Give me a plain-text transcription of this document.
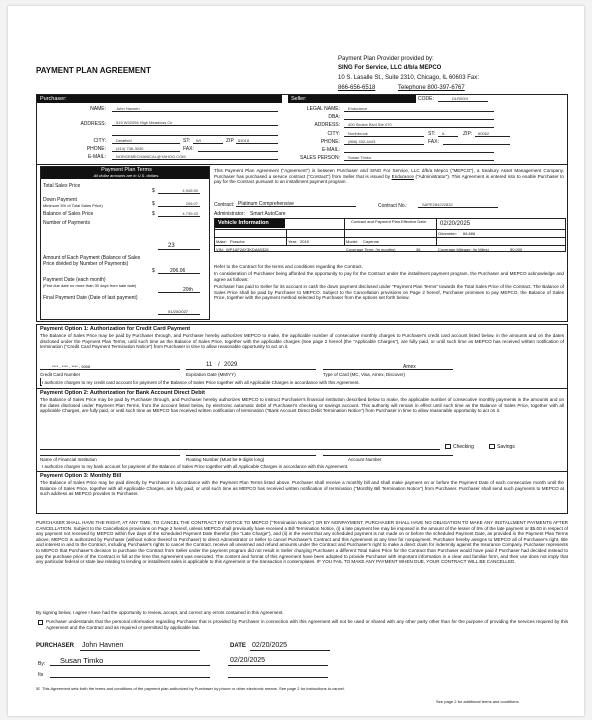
PAYMENT PLAN AGREEMENT
Payment Plan Provider provided by:
SING For Service, LLC d/b/a MEPCO
10 S. Lasalle St., Suite 2310, Chicago, IL 60603 Fax:
866-656-6518	Telephone 800-397-6767
Purchaser:	Seller:	CODE:	DLR000I
NAME:	John Havnen
ADDRESS:	515 W32056 High Meadows Cir
CITY:	Delafield	ST: WI	ZIP 53018
PHONE:	(414) 736-3040	FAX:
E-MAIL:	NORGEMECHANICAL@YAHOO.COM
LEGAL NAME: Endurance
DBA:
ADDRESS: 400 Skokie Blvd Ste 470
CITY: Northbrook	ST: IL	ZIP: 60062
PHONE: (866) 432-4443	FAX:
E-MAIL:
SALES PERSON: Susan Timko
Payment Plan Terms
All dollar amounts are in U.S. dollars.
Total Sales Price
$	4,945.50
Down Payment
Minimum 5% of Total Sales Price)	$	206.07
Balance of Sales Price	$	4,739.43
Number of Payments
23
Amount of Each Payment (Balance of Sales Price divided by Number of Payments)
$	206.06
Payment Date (each month)
(First due date no more than 30 days from sale date)
20th
Final Payment Date (Date of last payment)
01/20/2027
This Payment Plan Agreement ("Agreement") is between Purchaser and SING For Service, LLC d/b/a Mepco ("MEPCO"), a Seabury Asset Management Company. Purchaser has purchased a service contract ("Contract") from Seller that is issued by Endurance ("Administrator"). This Agreement is entered into to enable Purchaser to pay for the Contract pursuant to an installment payment program.
Contract: Platinum Comprehensive	Contract No.:	SAPE284222832
Administrator: Smart AutoCare
Vehicle Information	Contract and Payment Plan Effective Date:	02/20/2025
Odometer: 66,666
Make: Porsche	Year: 2019	Model: Cayenne
VIN: WP1AF2AY3KDA60326	Coverage Term: (in months)	36	Coverage Mileage: (in Miles)	50,000
Refer to the Contract for the terms and conditions regarding the Contract.
In consideration of Purchaser being afforded the opportunity to pay for the Contract under the installment payment program, the Purchaser and MEPCO acknowledge and agree as follows:
Purchaser has paid to Seller for its account in cash the down payment disclosed under "Payment Plan Terms" towards the Total Sales Price of the Contract. The Balance of Sales Price shall be paid by Purchaser to MEPCO. Subject to the Cancellation provisions on Page 2 hereof, Purchaser promises to pay MEPCO, the Balance of Sales Price, together with the payment method selected by Purchaser from the options set forth below.
Payment Option 1: Authorization for Credit Card Payment
The Balance of Sales Price may be paid by Purchaser through, and Purchaser hereby authorizes MEPCO to make, the applicable number of consecutive monthly charges to Purchaser's credit card account listed below, in the amounts and on the dates disclosed under the Payment Plan Terms, until such time as the Balance of Sales Price, together with the applicable charges (See page 2 hereof (the "Applicable Charges"), are fully paid, or until such time as MEPCO has received written notification of termination ("Credit Card Payment Termination Notice") from Purchaser in time to allow reasonable opportunity to act on it.
**** - **** - **** - 5008	11 / 2029	Amex
Credit Card Number	Expiration Date (MM/YY)	Type of Card (MC, Visa, Amex, Discover)
I authorize charges to my credit card account for payment of the Balance of Sales Price together with all Applicable Charges in accordance with this Agreement.
Payment Option 2: Authorization for Bank Account Direct Debit
The Balance of Sales Price may be paid by Purchaser through, and Purchaser hereby authorizes MEPCO to instruct Purchaser's financial institution described below to make, the applicable number of consecutive monthly payments in the amounts and on the dates disclosed under Payment Plan Terms, from the account listed below, by electronic automatic debit of Purchaser's checking or savings account. This authority will remain in effect until such time as the Balance of Sales Price, together with all applicable Charges, are fully paid, or until such time as MEPCO has received written notification of termination ("Bank Account Direct Debit Termination Notice") from Purchaser in time to allow reasonable opportunity to act on it.
Checking	Savings
Name of Financial Institution	Routing Number (Must be 9 digits long)	Account Number
I authorize charges to my bank account for payment of the Balance of Sales Price together with all Applicable Charges in accordance with this Agreement.
Payment Option 3: Monthly Bill
The Balance of Sales Price may be paid directly by Purchaser in accordance with the Payment Plan Terms listed above. Purchaser shall receive a monthly bill and shall make payment on or before the Payment Date of each consecutive month until the Balance of Sales Price, together with all Applicable Charges, are fully paid, or until such time as MEPCO has received written notification of termination ("Monthly Bill Termination Notice") from Purchaser. Purchaser shall send such payments to MEPCO at such address as MEPCO provides to Purchaser.
PURCHASER SHALL HAVE THE RIGHT, AT ANY TIME, TO CANCEL THE CONTRACT BY NOTICE TO MEPCO ("Termination Notice") OR BY NONPAYMENT. PURCHASER SHALL HAVE NO OBLIGATION TO MAKE ANY INSTALLMENT PAYMENTS AFTER CANCELLATION. Subject to the Cancellation provisions on Page 2 hereof, unless MEPCO shall previously have received a Bill Termination Notice, (i) a late payment fee may be imposed in the amount of the lesser of 5% of the late payment or $5.00 in respect of any payment not received by MEPCO within five days of the scheduled Payment Date therefor (the "Late Charge"), and (ii) in the event that any scheduled payment is not made on or before the scheduled Payment Date, as provided in the Payment Plan Terms above, MEPCO is authorized by Purchaser (without notice thereof to Purchaser) to direct Administrator or Seller to cancel Purchaser's Contract and this Agreement at any time for nonpayment. Purchaser hereby assigns to MEPCO all of Purchaser's right, title and interest in and to the Contract, including Purchaser's rights to cancel the Contract, receive all unearned and refund amounts under the Contract and Purchaser's right to make a direct claim for indemnity against the Insurance Company. Purchaser represents to MEPCO that Purchaser's decision to purchase the Contract from Seller under the payment program did not result in Seller charging Purchaser a different Total Sales Price for the Contract than Purchaser would have paid if Purchaser had decided instead to pay the purchase price of the Contract in full at the time this Agreement was executed. The content and format of this Agreement have been adopted to provide Purchaser with important information in a clear and familiar form, and their use does not imply that any particular federal or state law relating to lending or installment sales is applicable to this Agreement or the transaction it contemplates. IF YOU FAIL TO MAKE ANY PAYMENT WHEN DUE, YOUR CONTRACT WILL BE CANCELLED.
By signing below, I agree I have had the opportunity to review, accept, and correct any errors contained in this Agreement.
Purchaser understands that the personal information regarding Purchaser that is provided by Purchaser in connection with this Agreement will not be used or shared with any other party other than for the purpose of providing the services required by this Agreement and the Contract and as required or permitted by applicable law.
PURCHASER John Havnen	DATE 02/20/2025
By: Susan Timko	02/20/2025
Its
☒ This Agreement sets forth the terms and conditions of the payment plan authorized by Purchaser by phone or other electronic means. See page 2 for instructions to cancel.
See page 2 for additional terms and conditions.
